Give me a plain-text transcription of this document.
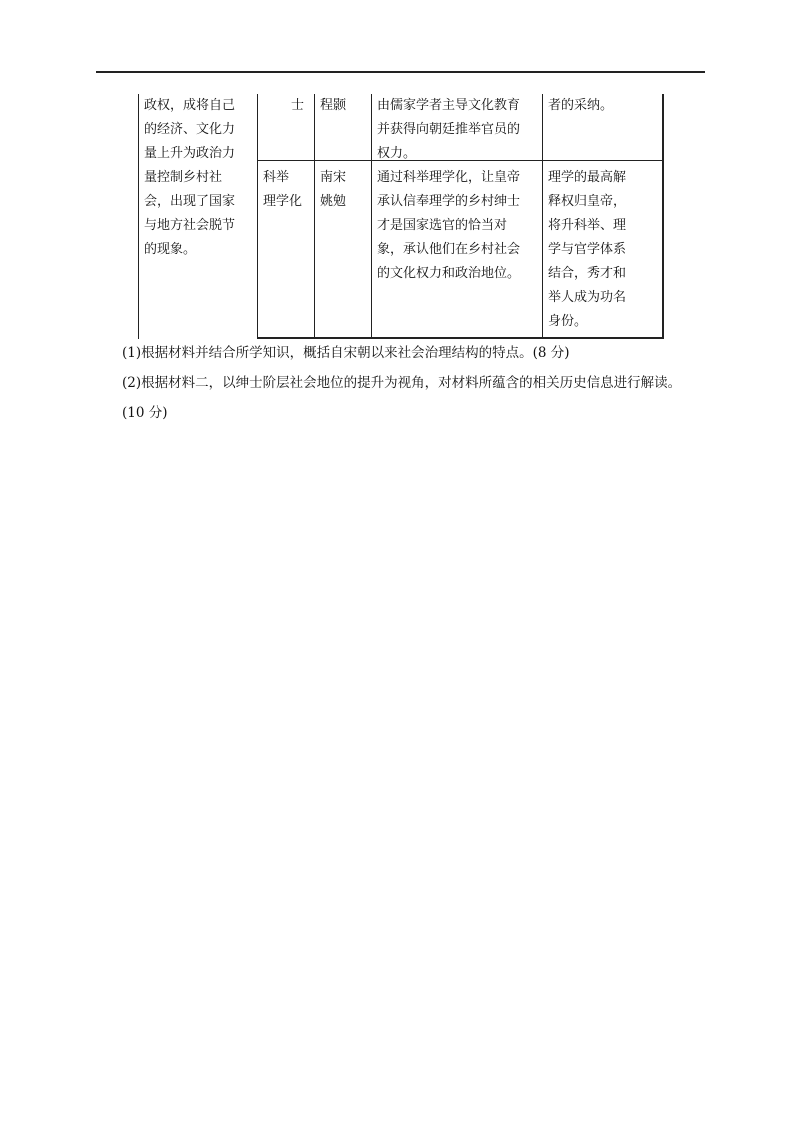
政权，成将自己
的经济、文化力
量上升为政治力
量控制乡村社
会，出现了国家
与地方社会脱节
的现象。
士	程颢	由儒家学者主导文化教育
并获得向朝廷推举官员的
权力。
者的采纳。
科举
理学化
南宋
姚勉
通过科举理学化，让皇帝
承认信奉理学的乡村绅士
才是国家选官的恰当对
象，承认他们在乡村社会
的文化权力和政治地位。
理学的最高解
释权归皇帝，
将升科举、理
学与官学体系
结合，秀才和
举人成为功名
身份。
(1)根据材料并结合所学知识，概括自宋朝以来社会治理结构的特点。(8 分)
(2)根据材料二，以绅士阶层社会地位的提升为视角，对材料所蕴含的相关历史信息进行解读。
(10 分)
